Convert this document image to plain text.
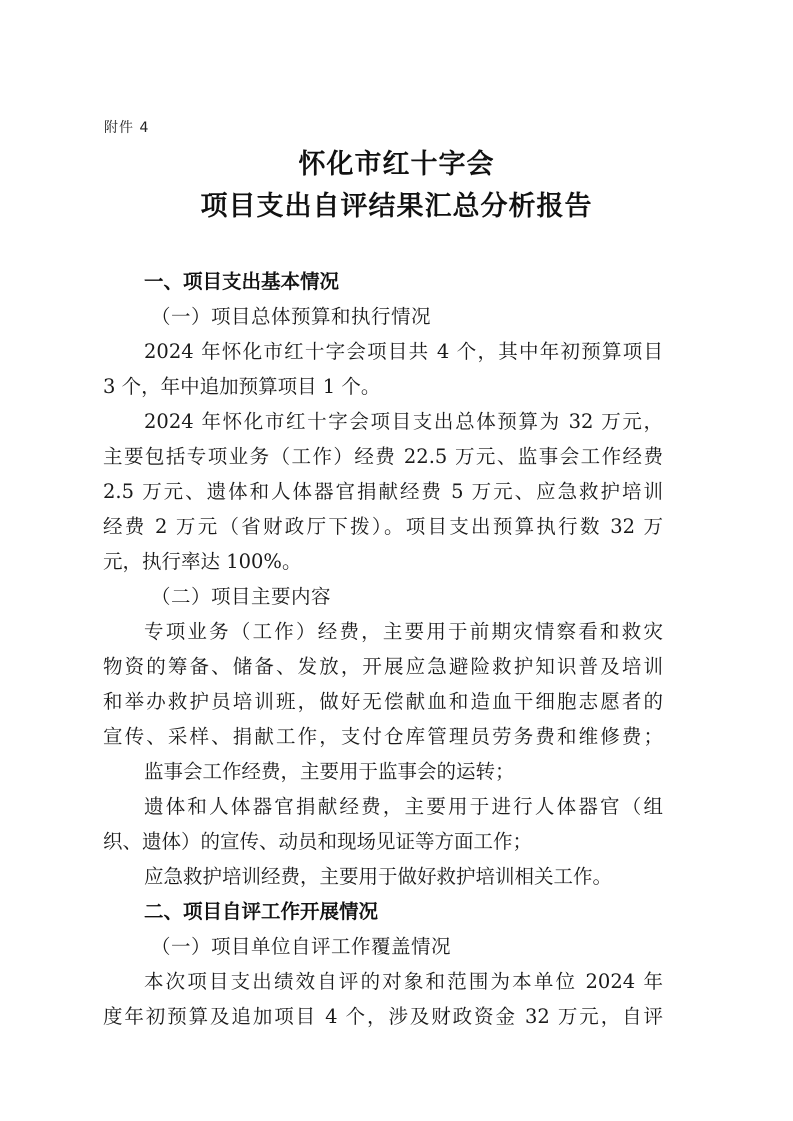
附件 4
怀化市红十字会
项目支出自评结果汇总分析报告
一、项目支出基本情况
（一）项目总体预算和执行情况
2024 年怀化市红十字会项目共 4 个，其中年初预算项目
3 个，年中追加预算项目 1 个。
2024 年怀化市红十字会项目支出总体预算为 32 万元，
主要包括专项业务（工作）经费 22.5 万元、监事会工作经费
2.5 万元、遗体和人体器官捐献经费 5 万元、应急救护培训
经费 2 万元（省财政厅下拨）。项目支出预算执行数 32 万
元，执行率达 100%。
（二）项目主要内容
专项业务（工作）经费，主要用于前期灾情察看和救灾
物资的筹备、储备、发放，开展应急避险救护知识普及培训
和举办救护员培训班，做好无偿献血和造血干细胞志愿者的
宣传、采样、捐献工作，支付仓库管理员劳务费和维修费；
监事会工作经费，主要用于监事会的运转；
遗体和人体器官捐献经费，主要用于进行人体器官（组
织、遗体）的宣传、动员和现场见证等方面工作；
应急救护培训经费，主要用于做好救护培训相关工作。
二、项目自评工作开展情况
（一）项目单位自评工作覆盖情况
本次项目支出绩效自评的对象和范围为本单位 2024 年
度年初预算及追加项目 4 个，涉及财政资金 32 万元，自评
